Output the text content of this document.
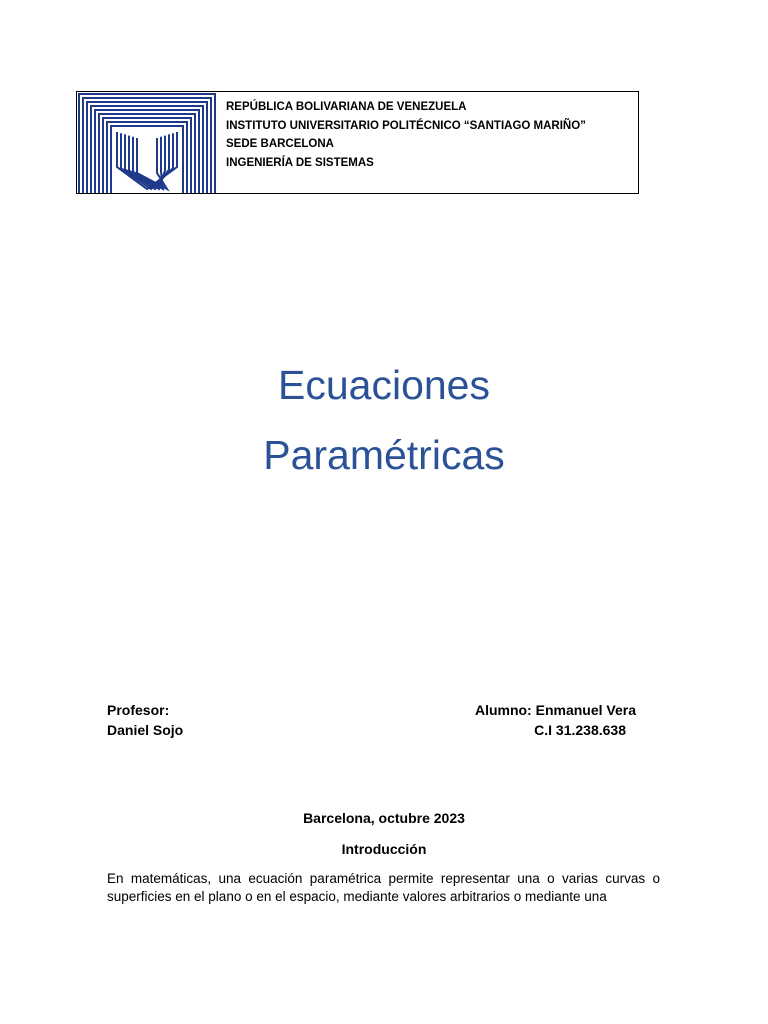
REPÚBLICA BOLIVARIANA DE VENEZUELA
INSTITUTO UNIVERSITARIO POLITÉCNICO “SANTIAGO MARIÑO”
SEDE BARCELONA
INGENIERÍA DE SISTEMAS
Ecuaciones
Paramétricas
Profesor:
Daniel Sojo
Alumno: Enmanuel Vera
C.I 31.238.638
Barcelona, octubre 2023
Introducción
En matemáticas, una ecuación paramétrica permite representar una o varias curvas o superficies en el plano o en el espacio, mediante valores arbitrarios o mediante una
